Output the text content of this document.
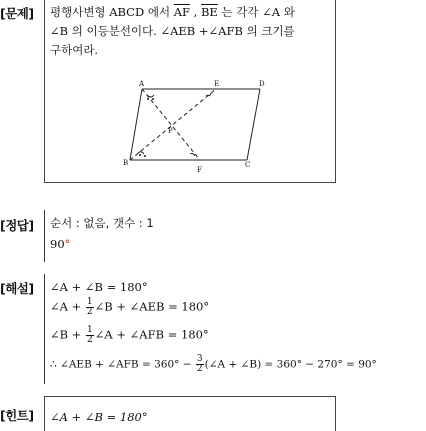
[문제] 평행사변형 ABCD 에서 $\overline{AF}$ , $\overline{BE}$ 는 각각 ∠A 와

∠B 의 이등분선이다. ∠AEB +∠AFB 의 크기를

구하여라.

A	E	D
P
B
F
C
[정답] 순서 : 없음, 갯수 : 1
90°
[해설] ∠A + ∠B = 180°
∠A + $\frac{1}{2}$ ∠B + ∠AEB = 180°
∠B + $\frac{1}{2}$ ∠A + ∠AFB = 180°
∴ ∠AEB + ∠AFB = $360^\circ - \frac{3}{2}$ (∠A + ∠B) = 360° − 270° = 90°
[힌트] ∠A + ∠B = 180°
